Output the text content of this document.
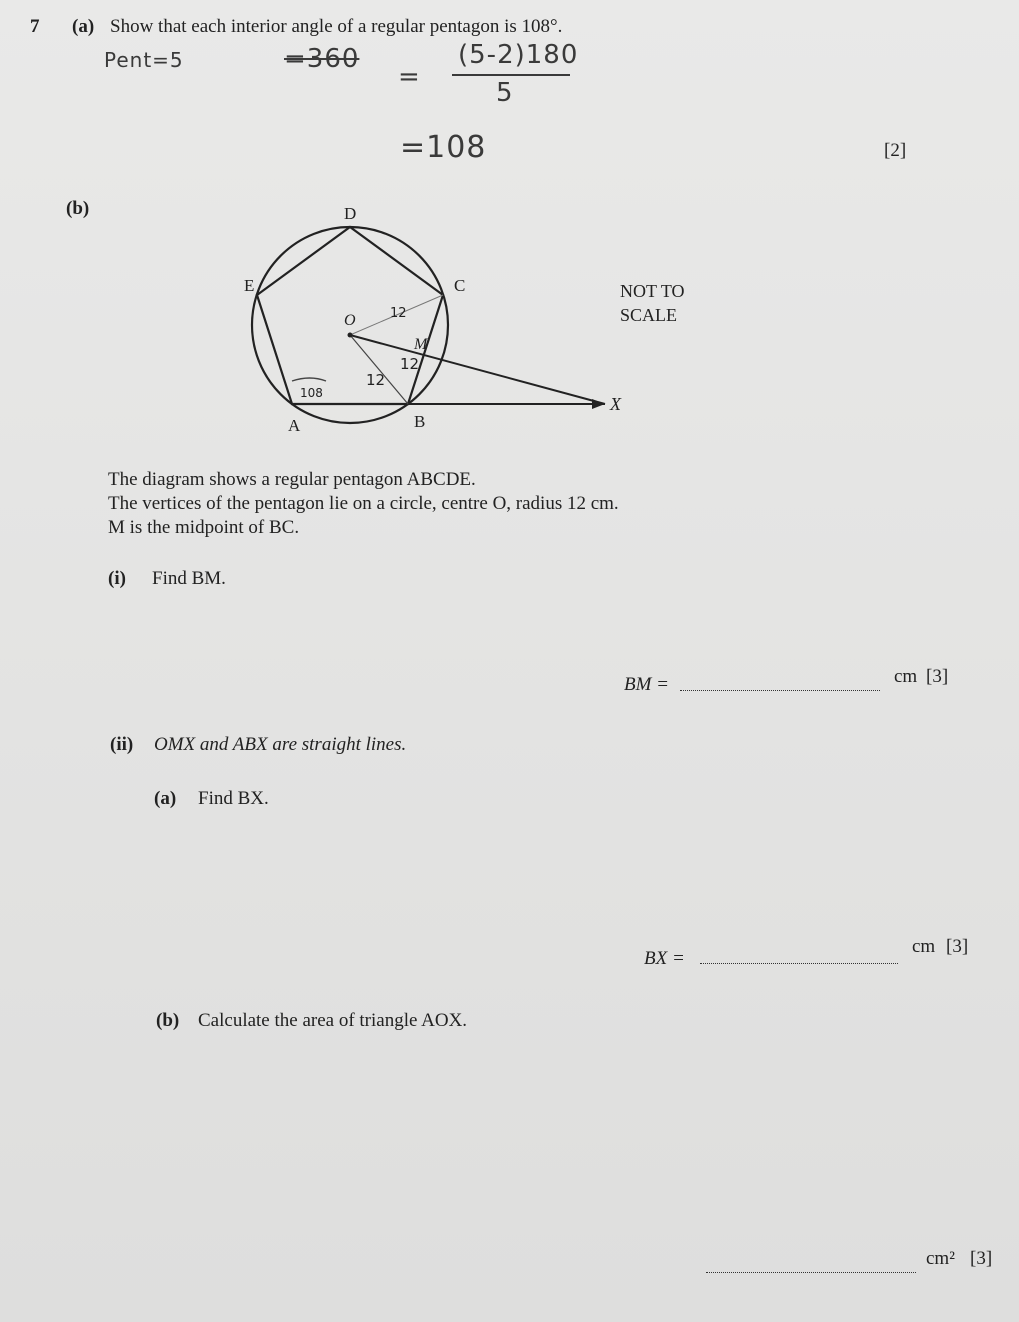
7 (a) Show that each interior angle of a regular pentagon is 108°.
Pent=5	=360
=
(5-2)180
5
=108	[2]
(b)	D
E	C
O
M
A	B
X
12
12
12
108
NOT TO
SCALE
The diagram shows a regular pentagon ABCDE.
The vertices of the pentagon lie on a circle, centre O, radius 12 cm.
M is the midpoint of BC.
(i) Find BM.
BM =	cm [3]
(ii) OMX and ABX are straight lines.
(a) Find BX.
BX =
cm [3]
(b) Calculate the area of triangle AOX.
cm² [3]
